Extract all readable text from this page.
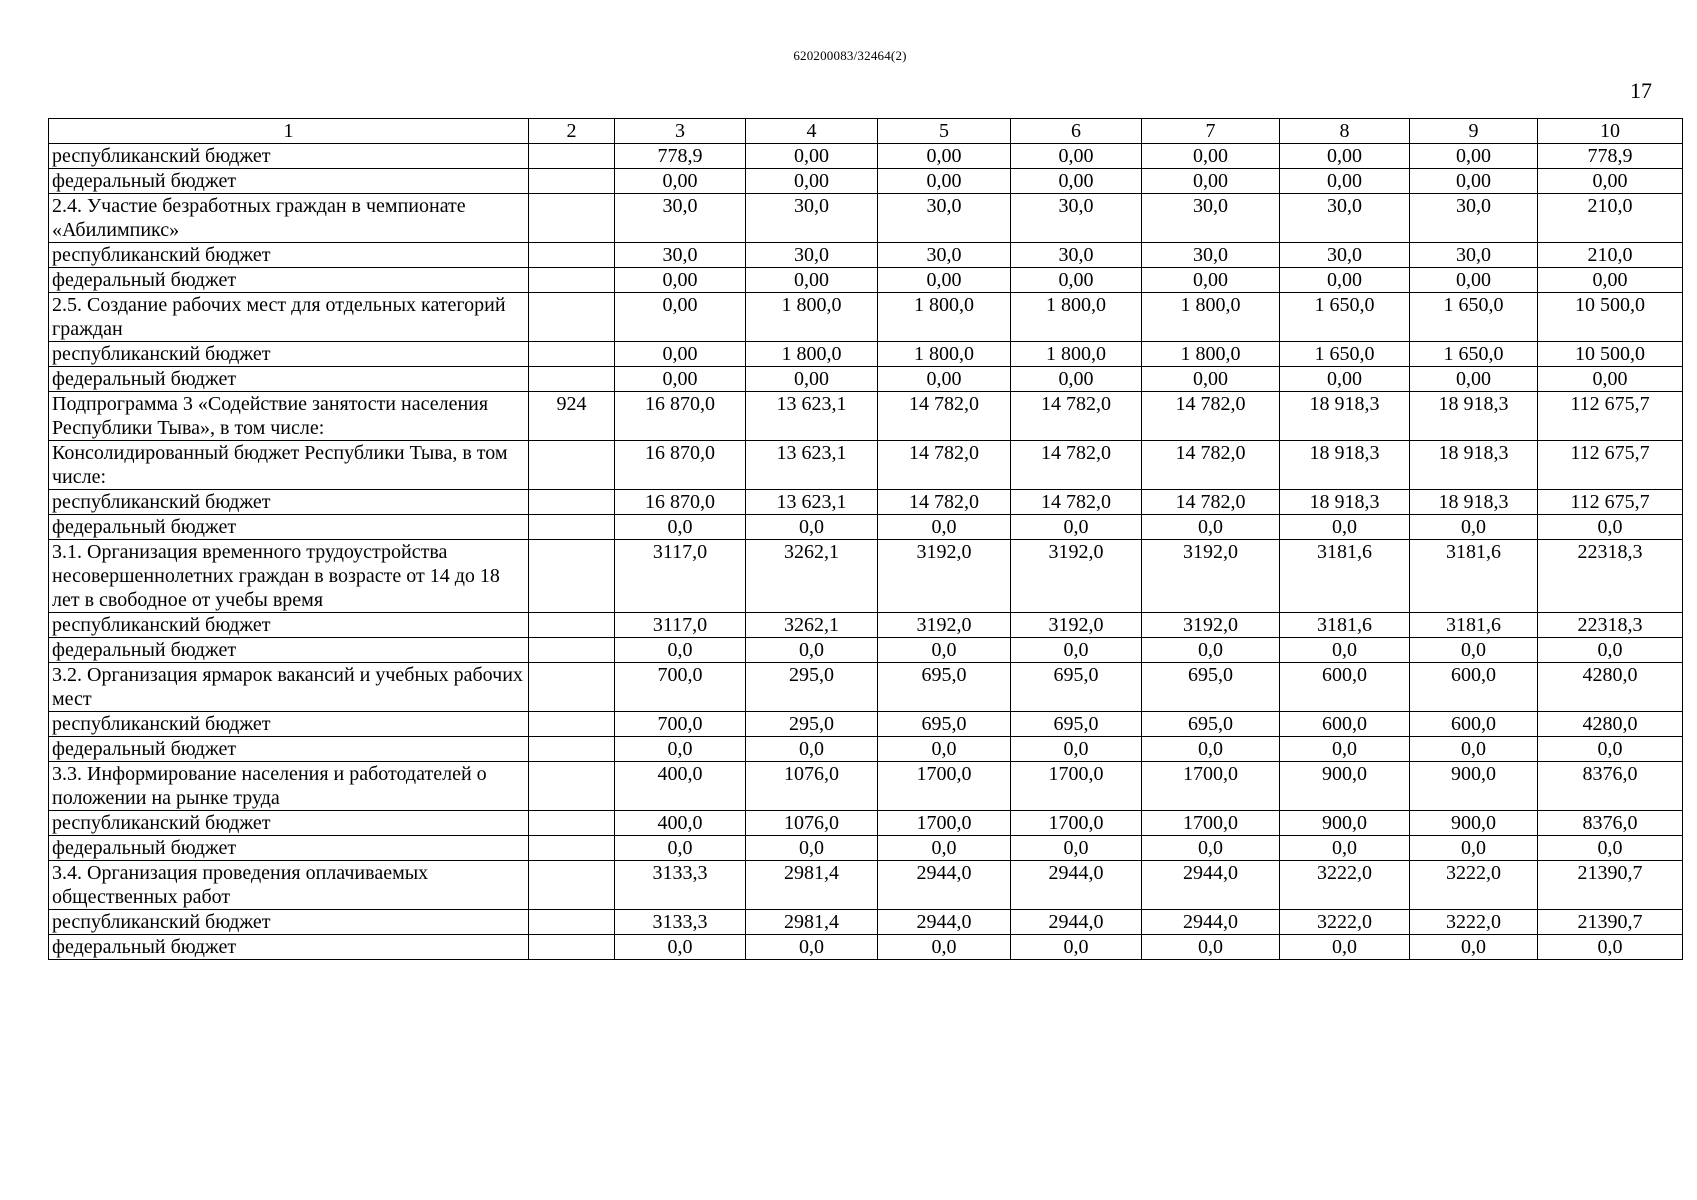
620200083/32464(2)
17
1	2	3	4	5	6	7	8	9	10
республиканский бюджет		778,9	0,00	0,00	0,00	0,00	0,00	0,00	778,9
федеральный бюджет		0,00	0,00	0,00	0,00	0,00	0,00	0,00	0,00
2.4. Участие безработных граждан в чемпионате «Абилимпикс»		30,0	30,0	30,0	30,0	30,0	30,0	30,0	210,0
республиканский бюджет		30,0	30,0	30,0	30,0	30,0	30,0	30,0	210,0
федеральный бюджет		0,00	0,00	0,00	0,00	0,00	0,00	0,00	0,00
2.5. Создание рабочих мест для отдельных категорий граждан		0,00	1 800,0	1 800,0	1 800,0	1 800,0	1 650,0	1 650,0	10 500,0
республиканский бюджет		0,00	1 800,0	1 800,0	1 800,0	1 800,0	1 650,0	1 650,0	10 500,0
федеральный бюджет		0,00	0,00	0,00	0,00	0,00	0,00	0,00	0,00
Подпрограмма 3 «Содействие занятости населения Республики Тыва», в том числе:	924	16 870,0	13 623,1	14 782,0	14 782,0	14 782,0	18 918,3	18 918,3	112 675,7
Консолидированный бюджет Республики Тыва, в том числе:		16 870,0	13 623,1	14 782,0	14 782,0	14 782,0	18 918,3	18 918,3	112 675,7
республиканский бюджет		16 870,0	13 623,1	14 782,0	14 782,0	14 782,0	18 918,3	18 918,3	112 675,7
федеральный бюджет		0,0	0,0	0,0	0,0	0,0	0,0	0,0	0,0
3.1. Организация временного трудоустройства несовершеннолетних граждан в возрасте от 14 до 18 лет в свободное от учебы время		3117,0	3262,1	3192,0	3192,0	3192,0	3181,6	3181,6	22318,3
республиканский бюджет		3117,0	3262,1	3192,0	3192,0	3192,0	3181,6	3181,6	22318,3
федеральный бюджет		0,0	0,0	0,0	0,0	0,0	0,0	0,0	0,0
3.2. Организация ярмарок вакансий и учебных рабочих мест		700,0	295,0	695,0	695,0	695,0	600,0	600,0	4280,0
республиканский бюджет		700,0	295,0	695,0	695,0	695,0	600,0	600,0	4280,0
федеральный бюджет		0,0	0,0	0,0	0,0	0,0	0,0	0,0	0,0
3.3. Информирование населения и работодателей о положении на рынке труда		400,0	1076,0	1700,0	1700,0	1700,0	900,0	900,0	8376,0
республиканский бюджет		400,0	1076,0	1700,0	1700,0	1700,0	900,0	900,0	8376,0
федеральный бюджет		0,0	0,0	0,0	0,0	0,0	0,0	0,0	0,0
3.4. Организация проведения оплачиваемых общественных работ		3133,3	2981,4	2944,0	2944,0	2944,0	3222,0	3222,0	21390,7
республиканский бюджет		3133,3	2981,4	2944,0	2944,0	2944,0	3222,0	3222,0	21390,7
федеральный бюджет		0,0	0,0	0,0	0,0	0,0	0,0	0,0	0,0
